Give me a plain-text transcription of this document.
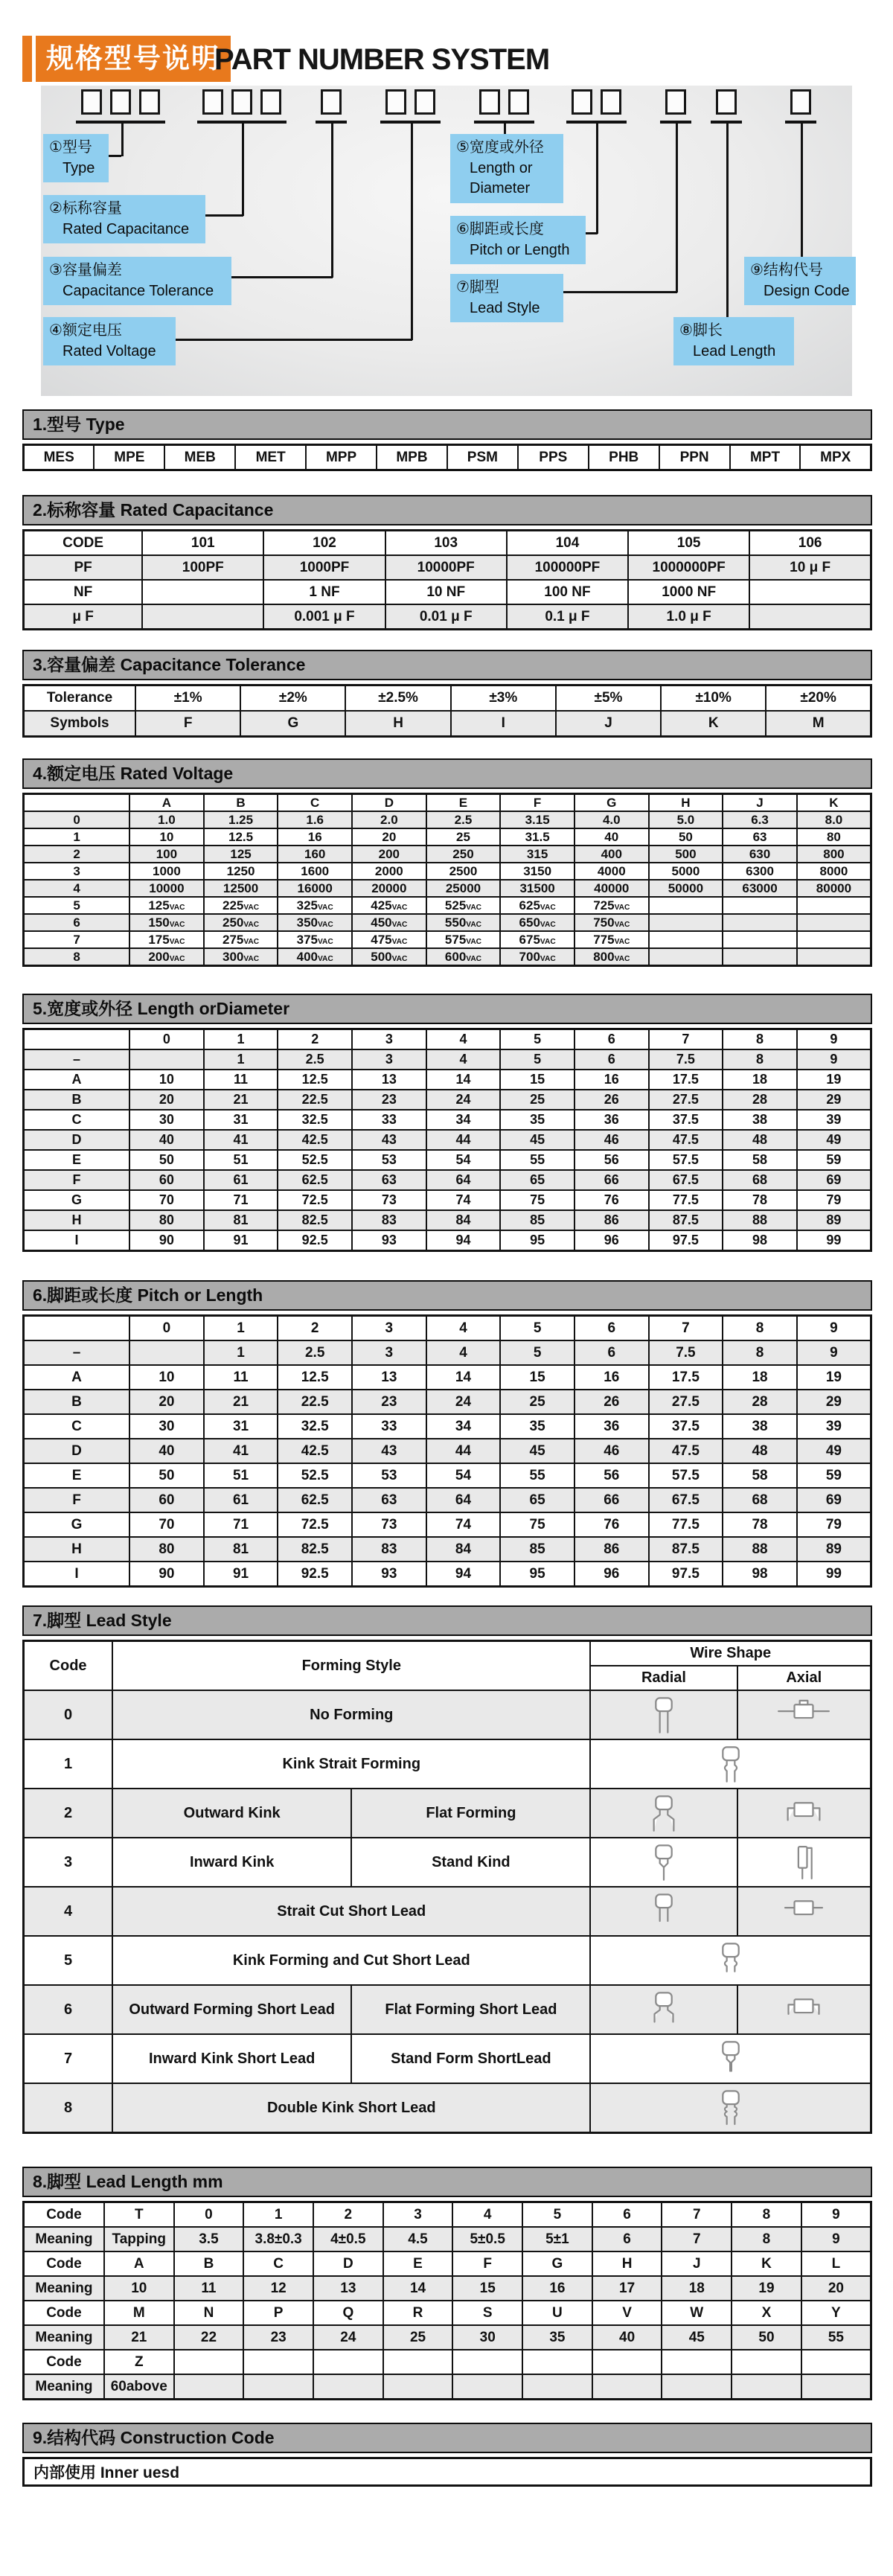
规格型号说明
PART NUMBER SYSTEM
①型号
Type
②标称容量
Rated Capacitance
③容量偏差
Capacitance Tolerance
④额定电压
Rated Voltage
⑤宽度或外径
Length or
Diameter
⑥脚距或长度
Pitch or Length
⑦脚型
Lead Style
⑧脚长
Lead Length
⑨结构代号
Design Code
1.型号 Type
MES	MPE	MEB	MET	MPP	MPB	PSM	PPS	PHB	PPN	MPT	MPX
2.标称容量 Rated Capacitance
CODE	101	102	103	104	105	106
PF	100PF	1000PF	10000PF	100000PF	1000000PF	10 μ F
NF		1 NF	10 NF	100 NF	1000 NF	
μ F		0.001 μ F	0.01 μ F	0.1 μ F	1.0 μ F	
3.容量偏差 Capacitance Tolerance
Tolerance	±1%	±2%	±2.5%	±3%	±5%	±10%	±20%
Symbols	F	G	H	I	J	K	M
4.额定电压 Rated Voltage
	A	B	C	D	E	F	G	H	J	K
0	1.0	1.25	1.6	2.0	2.5	3.15	4.0	5.0	6.3	8.0
1	10	12.5	16	20	25	31.5	40	50	63	80
2	100	125	160	200	250	315	400	500	630	800
3	1000	1250	1600	2000	2500	3150	4000	5000	6300	8000
4	10000	12500	16000	20000	25000	31500	40000	50000	63000	80000
5	125VAC	225VAC	325VAC	425VAC	525VAC	625VAC	725VAC			
6	150VAC	250VAC	350VAC	450VAC	550VAC	650VAC	750VAC			
7	175VAC	275VAC	375VAC	475VAC	575VAC	675VAC	775VAC			
8	200VAC	300VAC	400VAC	500VAC	600VAC	700VAC	800VAC			
5.宽度或外径 Length orDiameter
	0	1	2	3	4	5	6	7	8	9
–		1	2.5	3	4	5	6	7.5	8	9
A	10	11	12.5	13	14	15	16	17.5	18	19
B	20	21	22.5	23	24	25	26	27.5	28	29
C	30	31	32.5	33	34	35	36	37.5	38	39
D	40	41	42.5	43	44	45	46	47.5	48	49
E	50	51	52.5	53	54	55	56	57.5	58	59
F	60	61	62.5	63	64	65	66	67.5	68	69
G	70	71	72.5	73	74	75	76	77.5	78	79
H	80	81	82.5	83	84	85	86	87.5	88	89
I	90	91	92.5	93	94	95	96	97.5	98	99
6.脚距或长度 Pitch or Length
	0	1	2	3	4	5	6	7	8	9
–		1	2.5	3	4	5	6	7.5	8	9
A	10	11	12.5	13	14	15	16	17.5	18	19
B	20	21	22.5	23	24	25	26	27.5	28	29
C	30	31	32.5	33	34	35	36	37.5	38	39
D	40	41	42.5	43	44	45	46	47.5	48	49
E	50	51	52.5	53	54	55	56	57.5	58	59
F	60	61	62.5	63	64	65	66	67.5	68	69
G	70	71	72.5	73	74	75	76	77.5	78	79
H	80	81	82.5	83	84	85	86	87.5	88	89
I	90	91	92.5	93	94	95	96	97.5	98	99
7.脚型 Lead Style
Code	Forming Style		Wire Shape	
			Radial	Axial
0	No Forming	

1	Kink Strait Forming	

2	Outward Kink	Flat Forming	

3	Inward Kink	Stand Kind	

4	Strait Cut Short Lead	

5	Kink Forming and Cut Short Lead	

6	Outward Forming Short Lead	Flat Forming Short Lead	

7	Inward Kink Short Lead	Stand Form ShortLead	

8	Double Kink Short Lead	
8.脚型 Lead Length mm
Code	T	0	1	2	3	4	5	6	7	8	9
Meaning	Tapping	3.5	3.8±0.3	4±0.5	4.5	5±0.5	5±1	6	7	8	9
Code	A	B	C	D	E	F	G	H	J	K	L
Meaning	10	11	12	13	14	15	16	17	18	19	20
Code	M	N	P	Q	R	S	U	V	W	X	Y
Meaning	21	22	23	24	25	30	35	40	45	50	55
Code	Z										
Meaning	60above										
9.结构代码 Construction Code
内部使用 Inner uesd
